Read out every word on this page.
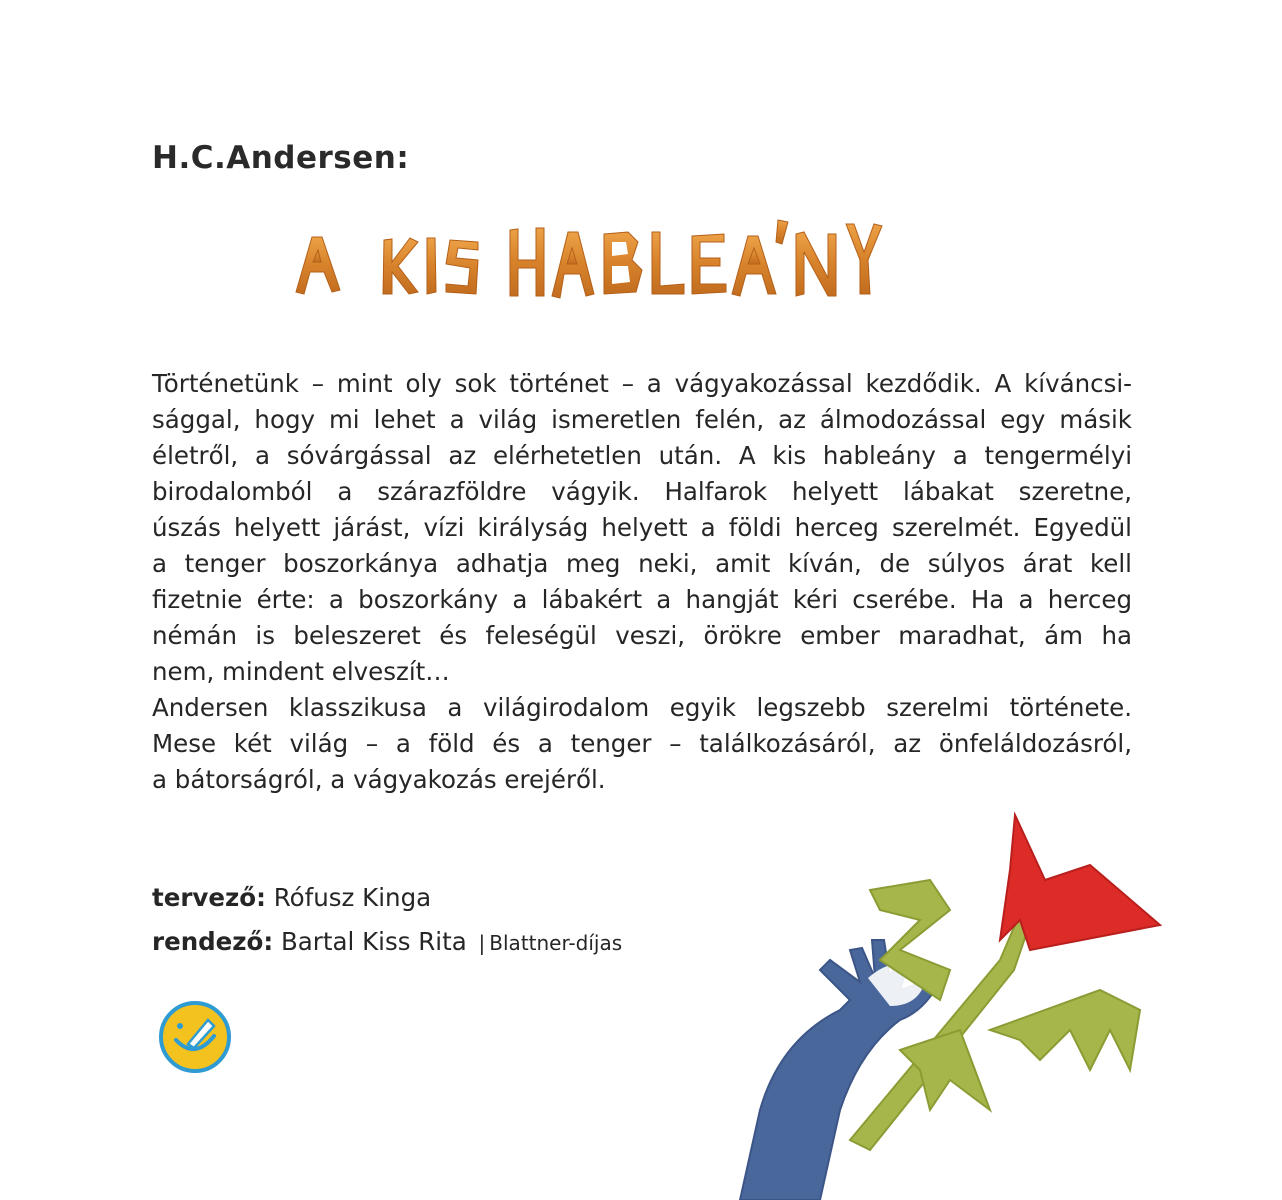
H.C.Andersen:
Történetünk – mint oly sok történet – a vágyakozással kezdődik. A kíváncsi-
sággal, hogy mi lehet a világ ismeretlen felén, az álmodozással egy másik
életről, a sóvárgással az elérhetetlen után. A kis hableány a tengermélyi
birodalomból a szárazföldre vágyik. Halfarok helyett lábakat szeretne,
úszás helyett járást, vízi királyság helyett a földi herceg szerelmét. Egyedül
a tenger boszorkánya adhatja meg neki, amit kíván, de súlyos árat kell
fizetnie érte: a boszorkány a lábakért a hangját kéri cserébe. Ha a herceg
némán is beleszeret és feleségül veszi, örökre ember maradhat, ám ha
nem, mindent elveszít…
Andersen klasszikusa a világirodalom egyik legszebb szerelmi története.
Mese két világ – a föld és a tenger – találkozásáról, az önfeláldozásról,
a bátorságról, a vágyakozás erejéről.
tervező: Rófusz Kinga
rendező: Bartal Kiss Rita | Blattner-díjas
